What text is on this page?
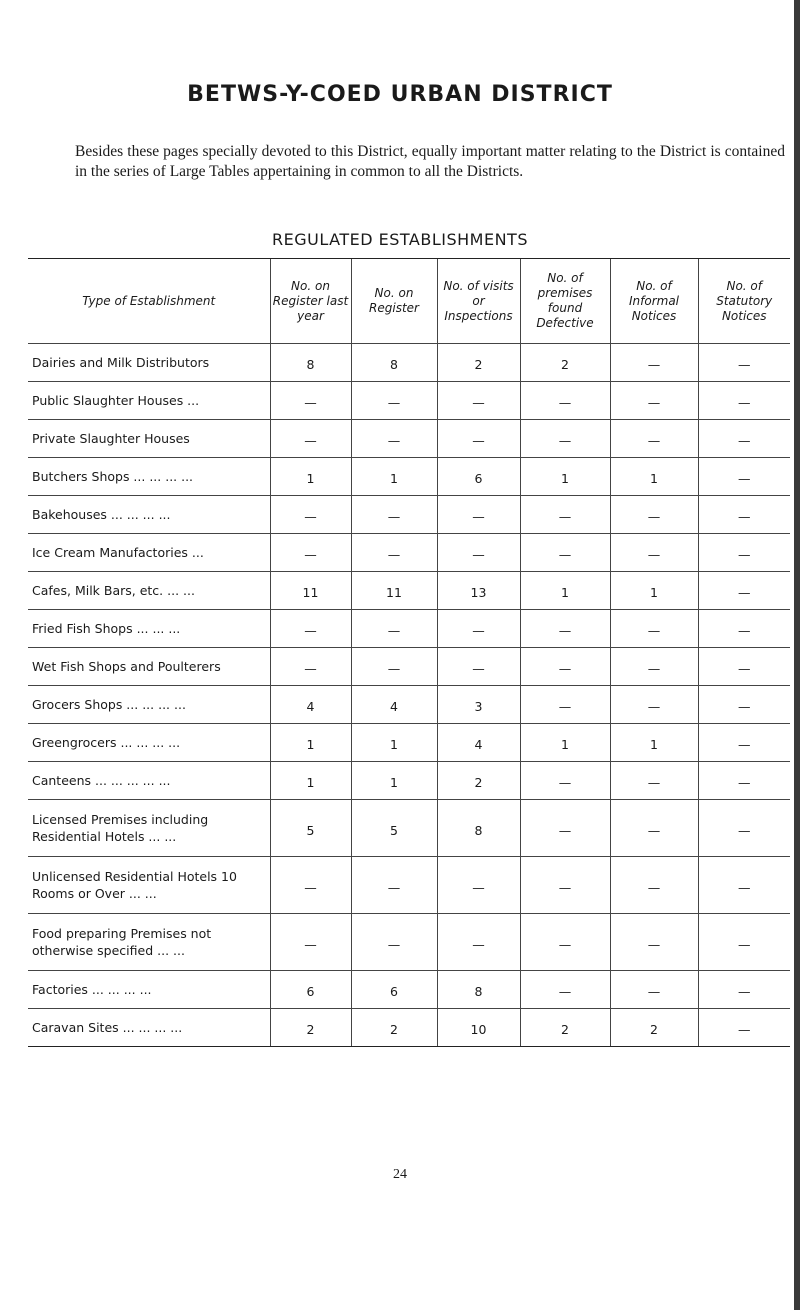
BETWS-Y-COED URBAN DISTRICT
Besides these pages specially devoted to this District, equally important matter relating to the District is contained in the series of Large Tables appertaining in common to all the Districts.
REGULATED ESTABLISHMENTS
Type of Establishment	No. on Register last year	No. on Register	No. of visits or Inspections	No. of premises found Defective	No. of Informal Notices	No. of Statutory Notices
Dairies and Milk Distributors	8	8	2	2	—	—
Public Slaughter Houses ...	—	—	—	—	—	—
Private Slaughter Houses	—	—	—	—	—	—
Butchers Shops ... ... ... ...	1	1	6	1	1	—
Bakehouses ... ... ... ...	—	—	—	—	—	—
Ice Cream Manufactories ...	—	—	—	—	—	—
Cafes, Milk Bars, etc. ... ...	11	11	13	1	1	—
Fried Fish Shops ... ... ...	—	—	—	—	—	—
Wet Fish Shops and Poulterers	—	—	—	—	—	—
Grocers Shops ... ... ... ...	4	4	3	—	—	—
Greengrocers ... ... ... ...	1	1	4	1	1	—
Canteens ... ... ... ... ...	1	1	2	—	—	—
Licensed Premises including Residential Hotels ... ...	5	5	8	—	—	—
Unlicensed Residential Hotels 10 Rooms or Over ... ...	—	—	—	—	—	—
Food preparing Premises not otherwise specified ... ...	—	—	—	—	—	—
Factories ... ... ... ...	6	6	8	—	—	—
Caravan Sites ... ... ... ...	2	2	10	2	2	—
24
